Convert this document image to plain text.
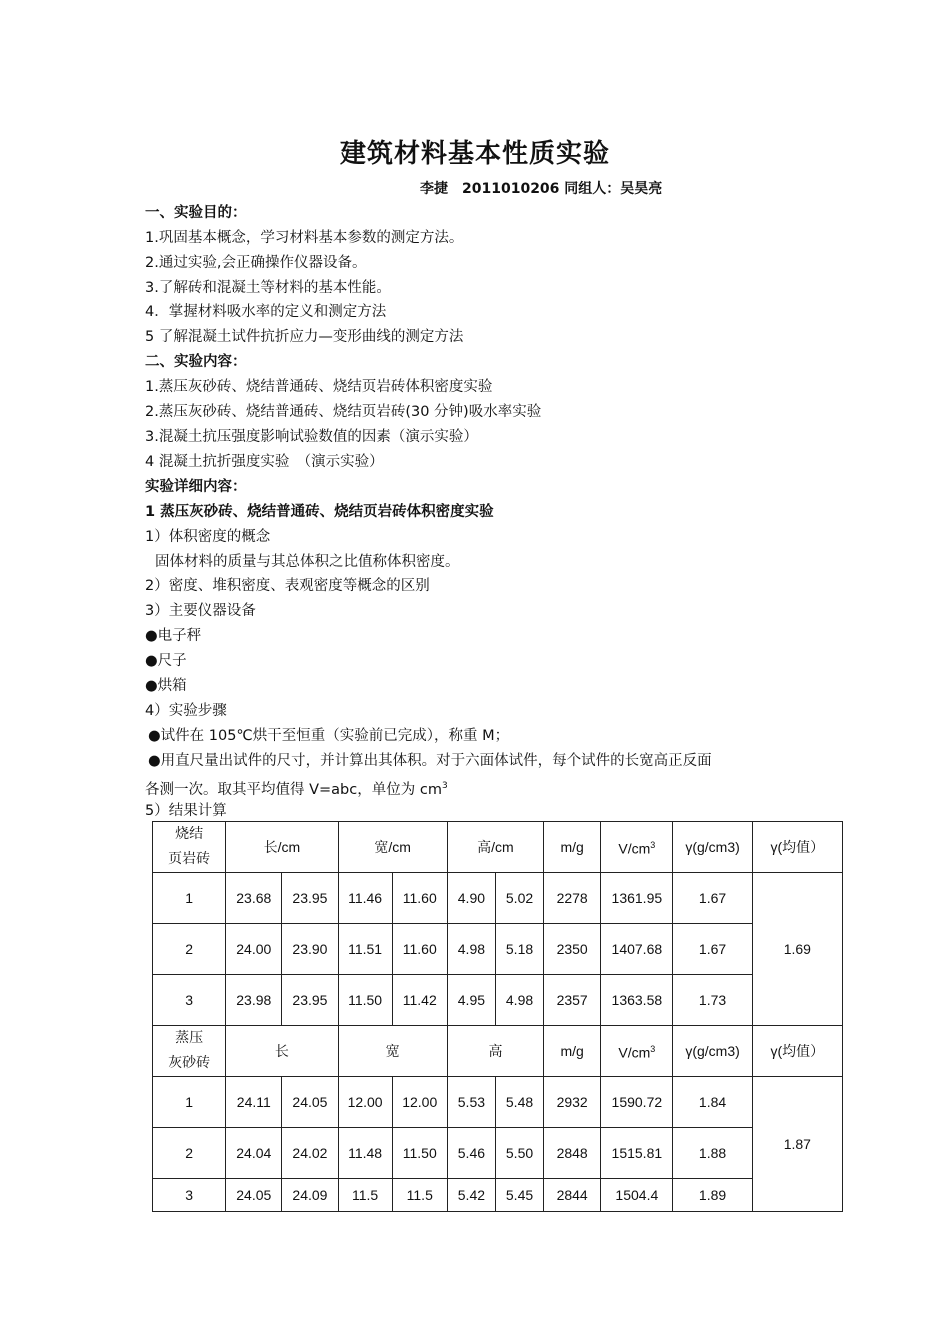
建筑材料基本性质实验
李捷　2011010206 同组人：吴昊亮
一、实验目的：
1.巩固基本概念，学习材料基本参数的测定方法。
2.通过实验,会正确操作仪器设备。
3.了解砖和混凝土等材料的基本性能。
4．掌握材料吸水率的定义和测定方法
5 了解混凝土试件抗折应力—变形曲线的测定方法
二、实验内容：
1.蒸压灰砂砖、烧结普通砖、烧结页岩砖体积密度实验
2.蒸压灰砂砖、烧结普通砖、烧结页岩砖(30 分钟)吸水率实验
3.混凝土抗压强度影响试验数值的因素（演示实验）
4 混凝土抗折强度实验　（演示实验）
实验详细内容：
1 蒸压灰砂砖、烧结普通砖、烧结页岩砖体积密度实验
1）体积密度的概念
固体材料的质量与其总体积之比值称体积密度。
2）密度、堆积密度、表观密度等概念的区别
3）主要仪器设备
●电子秤
●尺子
●烘箱
4）实验步骤
●试件在 105℃烘干至恒重（实验前已完成），称重 M；
●用直尺量出试件的尺寸，并计算出其体积。对于六面体试件，每个试件的长宽高正反面
各测一次。取其平均值得 V=abc，单位为 $cm^3$
5）结果计算
烧结
页岩砖	长/cm		宽/cm		高/cm		m/g	$V/cm^3$	γ(g/cm3)	γ(均值）
1	23.68	23.95	11.46	11.60	4.90	5.02	2278	1361.95	1.67	1.69
2	24.00	23.90	11.51	11.60	4.98	5.18	2350	1407.68	1.67	
3	23.98	23.95	11.50	11.42	4.95	4.98	2357	1363.58	1.73	
蒸压
灰砂砖	长		宽		高		m/g	$V/cm^3$	γ(g/cm3)	γ(均值）
1	24.11	24.05	12.00	12.00	5.53	5.48	2932	1590.72	1.84	1.87
2	24.04	24.02	11.48	11.50	5.46	5.50	2848	1515.81	1.88	
3	24.05	24.09	11.5	11.5	5.42	5.45	2844	1504.4	1.89	
